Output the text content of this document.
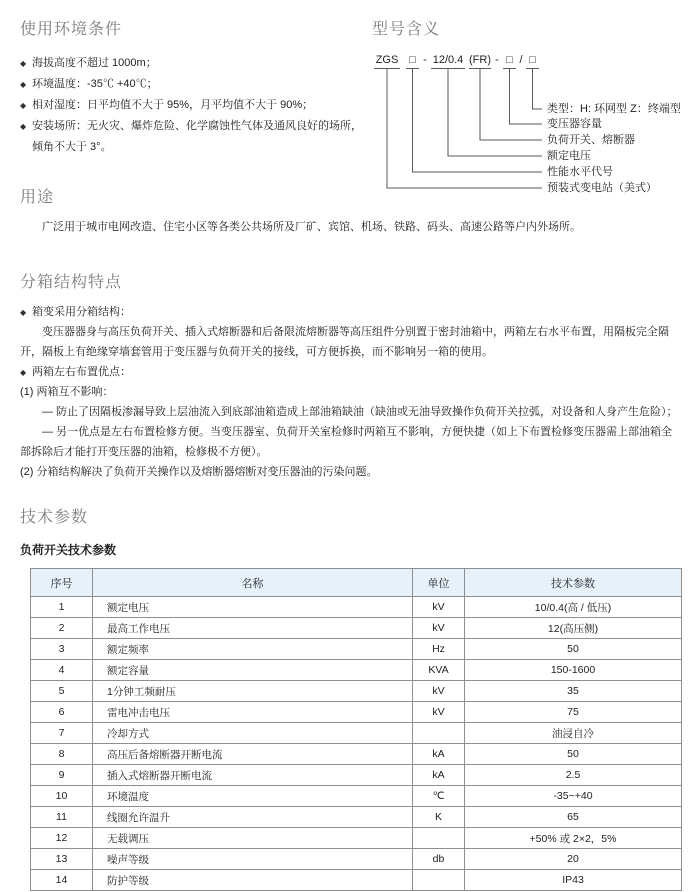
使用环境条件
◆ 海拔高度不超过 1000m；
◆ 环境温度：-35℃ +40℃；
◆ 相对湿度：日平均值不大于 95%，月平均值不大于 90%；
◆ 安装场所：无火灾、爆炸危险、化学腐蚀性气体及通风良好的场所，倾角不大于 3°。
型号含义
ZGS □ - 12/0.4 (FR) - □ / □
类型：H: 环网型 Z：终端型
变压器容量
负荷开关、熔断器
额定电压
性能水平代号
预装式变电站（美式）
用途

广泛用于城市电网改造、住宅小区等各类公共场所及厂矿、宾馆、机场、铁路、码头、高速公路等户内外场所。

分箱结构特点

◆ 箱变采用分箱结构：

变压器器身与高压负荷开关、插入式熔断器和后备限流熔断器等高压组件分别置于密封油箱中，两箱左右水平布置，用隔板完全隔开，隔板上有绝缘穿墙套管用于变压器与负荷开关的接线，可方便拆换，而不影响另一箱的使用。

◆ 两箱左右布置优点：

(1) 两箱互不影响：

— 防止了因隔板渗漏导致上层油流入到底部油箱造成上部油箱缺油（缺油或无油导致操作负荷开关拉弧，对设备和人身产生危险）；

— 另一优点是左右布置检修方便。当变压器室、负荷开关室检修时两箱互不影响，方便快捷（如上下布置检修变压器需上部油箱全部拆除后才能打开变压器的油箱，检修极不方便）。

(2) 分箱结构解决了负荷开关操作以及熔断器熔断对变压器油的污染问题。

技术参数
负荷开关技术参数
序号	名称	单位	技术参数
1	额定电压	kV	10/0.4(高 / 低压)
2	最高工作电压	kV	12(高压侧)
3	额定频率	Hz	50
4	额定容量	KVA	150-1600
5	1分钟工频耐压	kV	35
6	雷电冲击电压	kV	75
7	冷却方式		油浸自冷
8	高压后备熔断器开断电流	kA	50
9	插入式熔断器开断电流	kA	2.5
10	环境温度	℃	-35~+40
11	线圈允许温升	K	65
12	无载调压		+50% 或 2×2，5%
13	噪声等级	db	20
14	防护等级		IP43
